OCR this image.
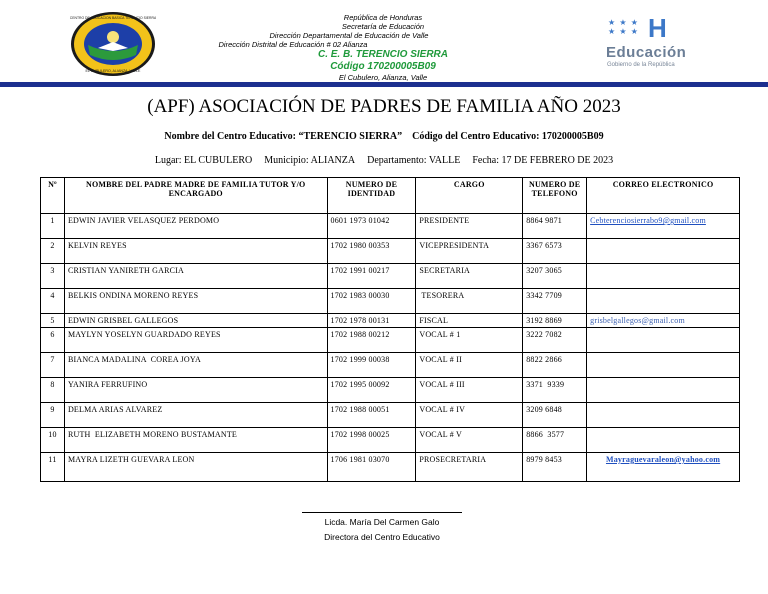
EL CUBULERO, ALIANZA, VALLE
CENTRO DE EDUCACION BASICA TERENCIO SIERRA	República de Honduras
Secretaría de Educación
Dirección Departamental de Educación de Valle
Dirección Distrital de Educación # 02 Alianza
C. E. B. TERENCIO SIERRA
Código 170200005B09
El Cubulero, Alianza, Valle
★ ★ ★
★ ★ ★ H
Educación
Gobierno de la República
(APF) ASOCIACIÓN DE PADRES DE FAMILIA AÑO 2023
Nombre del Centro Educativo: “TERENCIO SIERRA” Código del Centro Educativo: 170200005B09
Lugar: EL CUBULERO Municipio: ALIANZA Departamento: VALLE Fecha: 17 DE FEBRERO DE 2023
Nº	NOMBRE DEL PADRE MADRE DE FAMILIA TUTOR Y/O ENCARGADO	NUMERO DE IDENTIDAD	CARGO	NUMERO DE TELEFONO	CORREO ELECTRONICO
1	EDWIN JAVIER VELASQUEZ PERDOMO	0601 1973 01042	PRESIDENTE	8864 9871	Cebterenciosierrabo9@gmail.com
2	KELVIN REYES	1702 1980 00353	VICEPRESIDENTA	3367 6573	
3	CRISTIAN YANIRETH GARCIA	1702 1991 00217	SECRETARIA	3207 3065	
4	BELKIS ONDINA MORENO REYES	1702 1983 00030	TESORERA	3342 7709	
5	EDWIN GRISBEL GALLEGOS	1702 1978 00131	FISCAL	3192 8869	grisbelgallegos@gmail.com
6	MAYLYN YOSELYN GUARDADO REYES	1702 1988 00212	VOCAL # 1	3222 7082	
7	BIANCA MADALINA  COREA JOYA	1702 1999 00038	VOCAL # II	8822 2866	
8	YANIRA FERRUFINO	1702 1995 00092	VOCAL # III	3371  9339	
9	DELMA ARIAS ALVAREZ	1702 1988 00051	VOCAL # IV	3209 6848	
10	RUTH  ELIZABETH MORENO BUSTAMANTE	1702 1998 00025	VOCAL # V	8866  3577	
11	MAYRA LIZETH GUEVARA LEON	1706 1981 03070	PROSECRETARIA	8979 8453	Mayraguevaraleon@yahoo.com
Licda. María Del Carmen Galo
Directora del Centro Educativo
